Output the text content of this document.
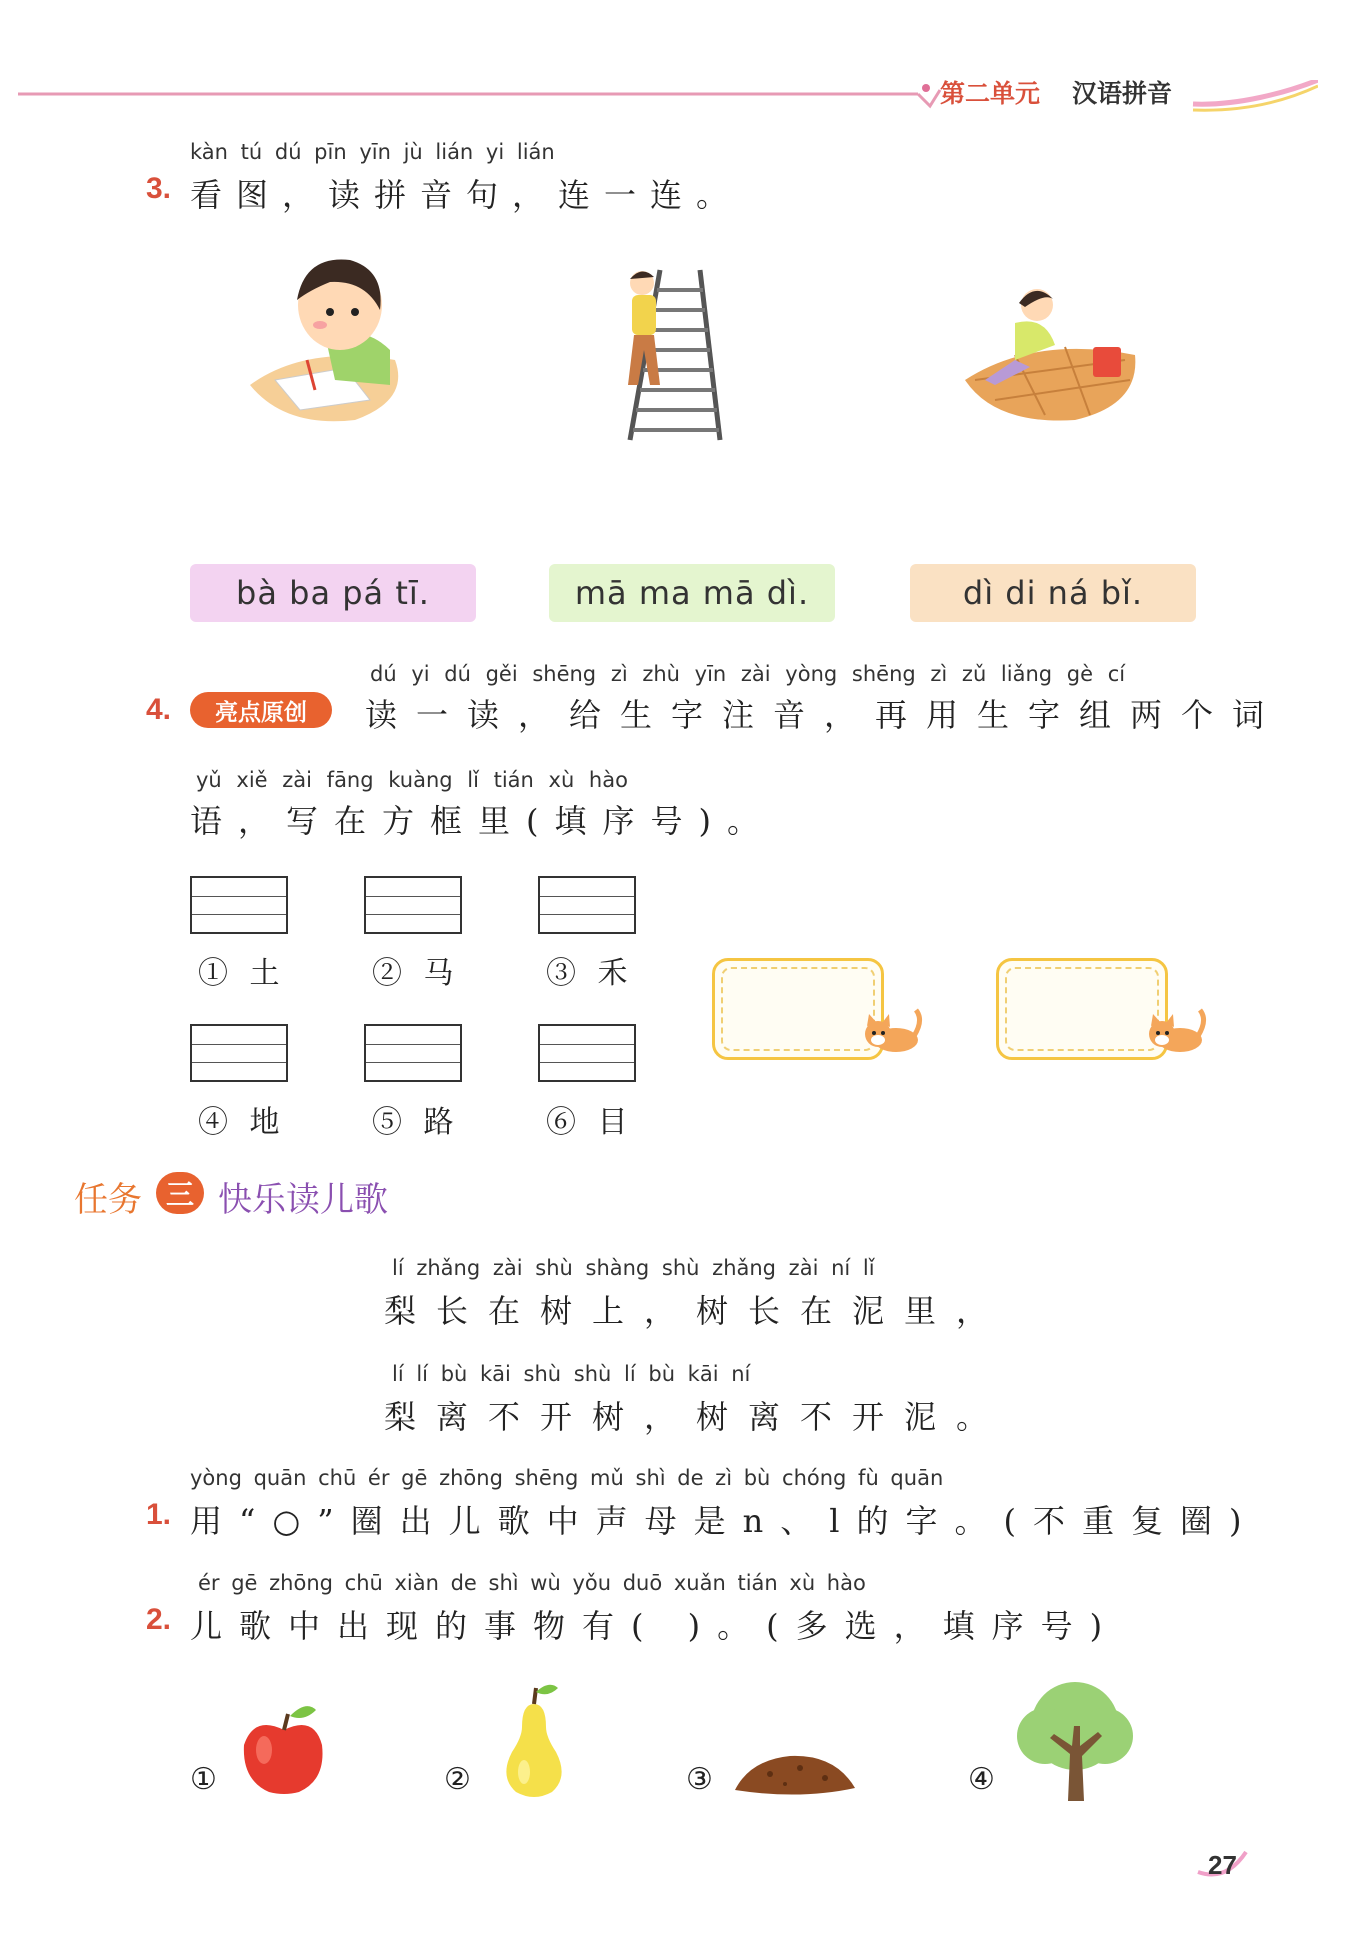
第二单元 汉语拼音
kàn tú dú pīn yīn jù lián yi lián
3. 看图，读拼音句，连一连。
bà ba pá tī.	mā ma mā dì.	dì di ná bǐ.
dú yi dú gěi shēng zì zhù yīn zài yòng shēng zì zǔ liǎng gè cí
4. 亮点原创 读一读，给生字注音，再用生字组两个词
yǔ xiě zài fāng kuàng lǐ tián xù hào
语，写在方框里(填序号)。
① 土	② 马	③ 禾
④ 地	⑤ 路	⑥ 目
任务 三 快乐读儿歌
lí zhǎng zài shù shàng shù zhǎng zài ní lǐ
梨长在树上，树长在泥里，
lí lí bù kāi shù shù lí bù kāi ní
梨离不开树，树离不开泥。
yòng quān chū ér gē zhōng shēng mǔ shì de zì bù chóng fù quān
1. 用“○”圈出儿歌中声母是n、l的字。(不重复圈)
ér gē zhōng chū xiàn de shì wù yǒu duō xuǎn tián xù hào
2. 儿歌中出现的事物有( )。(多选，填序号)
①	②	③	④
27
